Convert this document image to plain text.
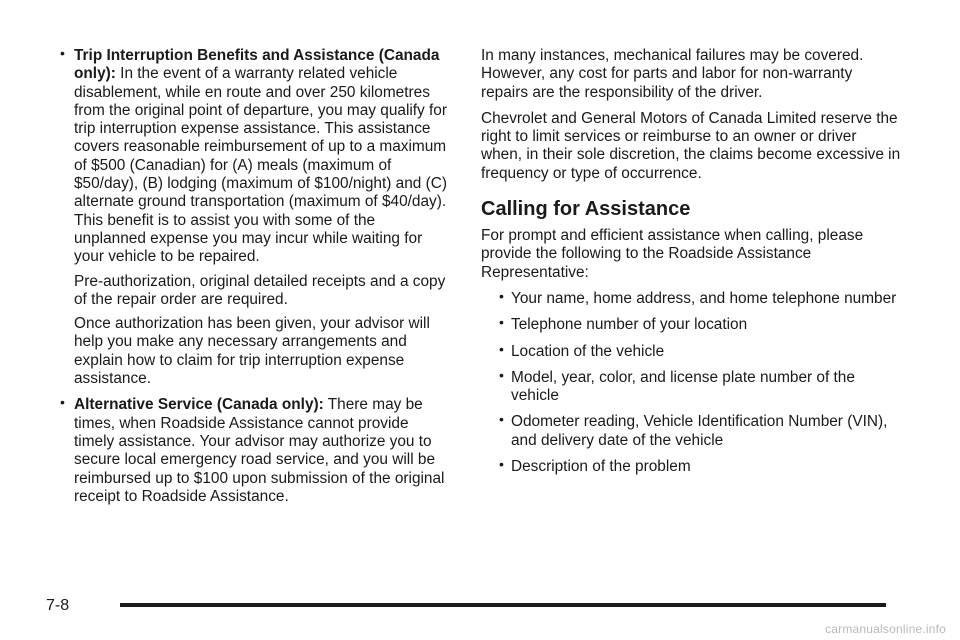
• Trip Interruption Benefits and Assistance (Canada only): In the event of a warranty related vehicle disablement, while en route and over 250 kilometres from the original point of departure, you may qualify for trip interruption expense assistance. This assistance covers reasonable reimbursement of up to a maximum of $500 (Canadian) for (A) meals (maximum of $50/day), (B) lodging (maximum of $100/night) and (C) alternate ground transportation (maximum of $40/day). This benefit is to assist you with some of the unplanned expense you may incur while waiting for your vehicle to be repaired.
Pre-authorization, original detailed receipts and a copy of the repair order are required.
Once authorization has been given, your advisor will help you make any necessary arrangements and explain how to claim for trip interruption expense assistance.
• Alternative Service (Canada only): There may be times, when Roadside Assistance cannot provide timely assistance. Your advisor may authorize you to secure local emergency road service, and you will be reimbursed up to $100 upon submission of the original receipt to Roadside Assistance.

In many instances, mechanical failures may be covered. However, any cost for parts and labor for non-warranty repairs are the responsibility of the driver.

Chevrolet and General Motors of Canada Limited reserve the right to limit services or reimburse to an owner or driver when, in their sole discretion, the claims become excessive in frequency or type of occurrence.

Calling for Assistance

For prompt and efficient assistance when calling, please provide the following to the Roadside Assistance Representative:

• Your name, home address, and home telephone number
• Telephone number of your location
• Location of the vehicle
• Model, year, color, and license plate number of the vehicle
• Odometer reading, Vehicle Identification Number (VIN), and delivery date of the vehicle
• Description of the problem
7-8
carmanualsonline.info
